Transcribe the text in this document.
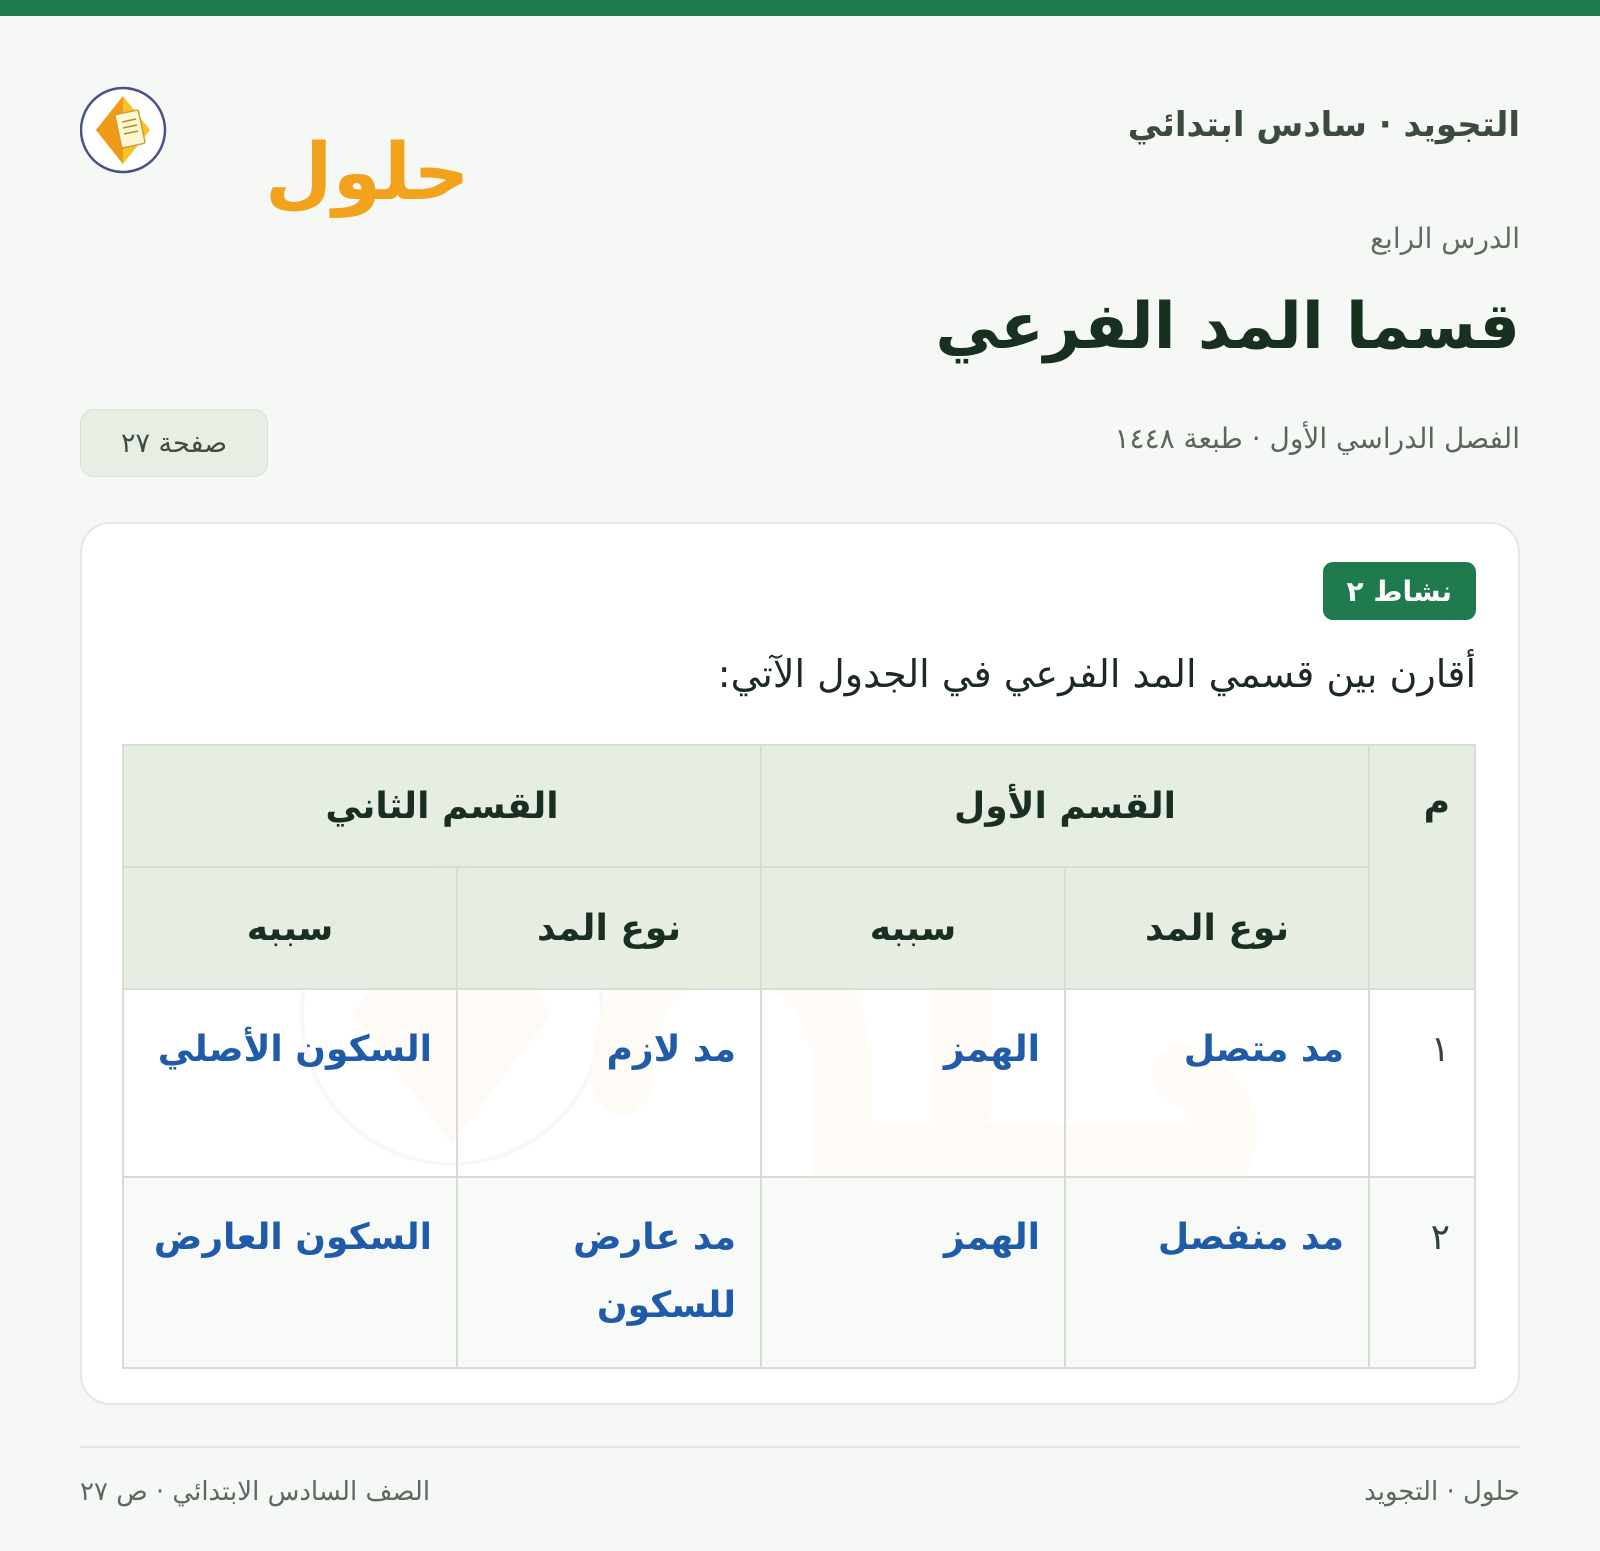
التجويد · سادس ابتدائي
حلول
الدرس الرابع
قسما المد الفرعي
الفصل الدراسي الأول · طبعة ١٤٤٨
صفحة ٢٧
نشاط ٢
أقارن بين قسمي المد الفرعي في الجدول الآتي:
م	القسم الأول		القسم الثاني	
	نوع المد	سببه	نوع المد	سببه
١	مد متصل	الهمز	مد لازم	السكون الأصلي
٢	مد منفصل	الهمز	مد عارض للسكون	السكون العارض
حلول · التجويد
الصف السادس الابتدائي · ص ٢٧
